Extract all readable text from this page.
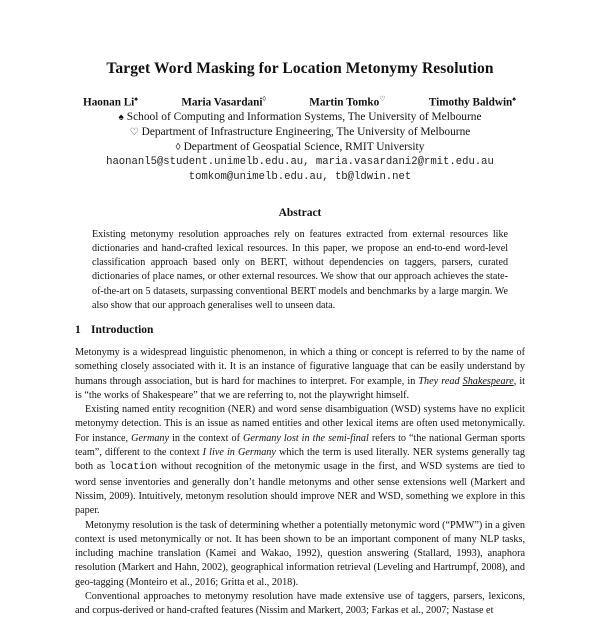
Target Word Masking for Location Metonymy Resolution
Haonan Li♠	Maria Vasardani◊	Martin Tomko♡	Timothy Baldwin♠
♠ School of Computing and Information Systems, The University of Melbourne
♡ Department of Infrastructure Engineering, The University of Melbourne
◊ Department of Geospatial Science, RMIT University
haonanl5@student.unimelb.edu.au, maria.vasardani2@rmit.edu.au
tomkom@unimelb.edu.au, tb@ldwin.net
Abstract
Existing metonymy resolution approaches rely on features extracted from external resources like dictionaries and hand-crafted lexical resources. In this paper, we propose an end-to-end word-level classification approach based only on BERT, without dependencies on taggers, parsers, curated dictionaries of place names, or other external resources. We show that our approach achieves the state-of-the-art on 5 datasets, surpassing conventional BERT models and benchmarks by a large margin. We also show that our approach generalises well to unseen data.
1 Introduction

Metonymy is a widespread linguistic phenomenon, in which a thing or concept is referred to by the name of something closely associated with it. It is an instance of figurative language that can be easily understand by humans through association, but is hard for machines to interpret. For example, in They read Shakespeare, it is “the works of Shakespeare” that we are referring to, not the playwright himself.

Existing named entity recognition (NER) and word sense disambiguation (WSD) systems have no explicit metonymy detection. This is an issue as named entities and other lexical items are often used metonymically. For instance, Germany in the context of Germany lost in the semi-final refers to “the national German sports team”, different to the context I live in Germany which the term is used literally. NER systems generally tag both as location without recognition of the metonymic usage in the first, and WSD systems are tied to word sense inventories and generally don’t handle metonyms and other sense extensions well (Markert and Nissim, 2009). Intuitively, metonym resolution should improve NER and WSD, something we explore in this paper.

Metonymy resolution is the task of determining whether a potentially metonymic word (“PMW”) in a given context is used metonymically or not. It has been shown to be an important component of many NLP tasks, including machine translation (Kamei and Wakao, 1992), question answering (Stallard, 1993), anaphora resolution (Markert and Hahn, 2002), geographical information retrieval (Leveling and Hartrumpf, 2008), and geo-tagging (Monteiro et al., 2016; Gritta et al., 2018).

Conventional approaches to metonymy resolution have made extensive use of taggers, parsers, lexicons, and corpus-derived or hand-crafted features (Nissim and Markert, 2003; Farkas et al., 2007; Nastase et
